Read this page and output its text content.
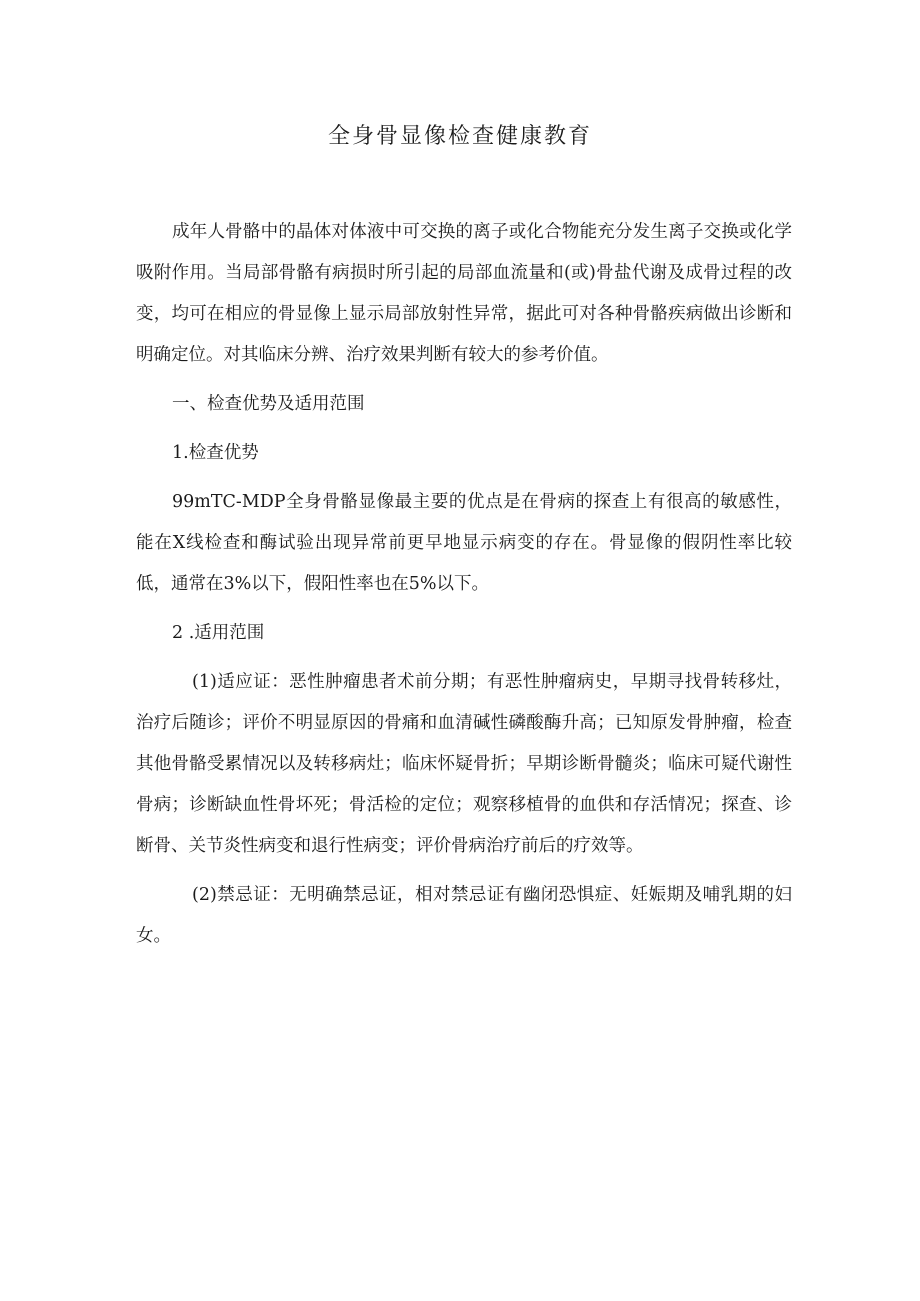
全身骨显像检查健康教育

成年人骨骼中的晶体对体液中可交换的离子或化合物能充分发生离子交换或化学吸附作用。当局部骨骼有病损时所引起的局部血流量和(或)骨盐代谢及成骨过程的改变，均可在相应的骨显像上显示局部放射性异常，据此可对各种骨骼疾病做出诊断和明确定位。对其临床分辨、治疗效果判断有较大的参考价值。

一、检查优势及适用范围

1.检查优势

99mTC-MDP全身骨骼显像最主要的优点是在骨病的探查上有很高的敏感性，能在X线检查和酶试验出现异常前更早地显示病变的存在。骨显像的假阴性率比较低，通常在3%以下，假阳性率也在5%以下。

2 .适用范围

(1)适应证：恶性肿瘤患者术前分期；有恶性肿瘤病史，早期寻找骨转移灶，治疗后随诊；评价不明显原因的骨痛和血清碱性磷酸酶升高；已知原发骨肿瘤，检查其他骨骼受累情况以及转移病灶；临床怀疑骨折；早期诊断骨髓炎；临床可疑代谢性骨病；诊断缺血性骨坏死；骨活检的定位；观察移植骨的血供和存活情况；探查、诊断骨、关节炎性病变和退行性病变；评价骨病治疗前后的疗效等。

(2)禁忌证：无明确禁忌证，相对禁忌证有幽闭恐惧症、妊娠期及哺乳期的妇女。
